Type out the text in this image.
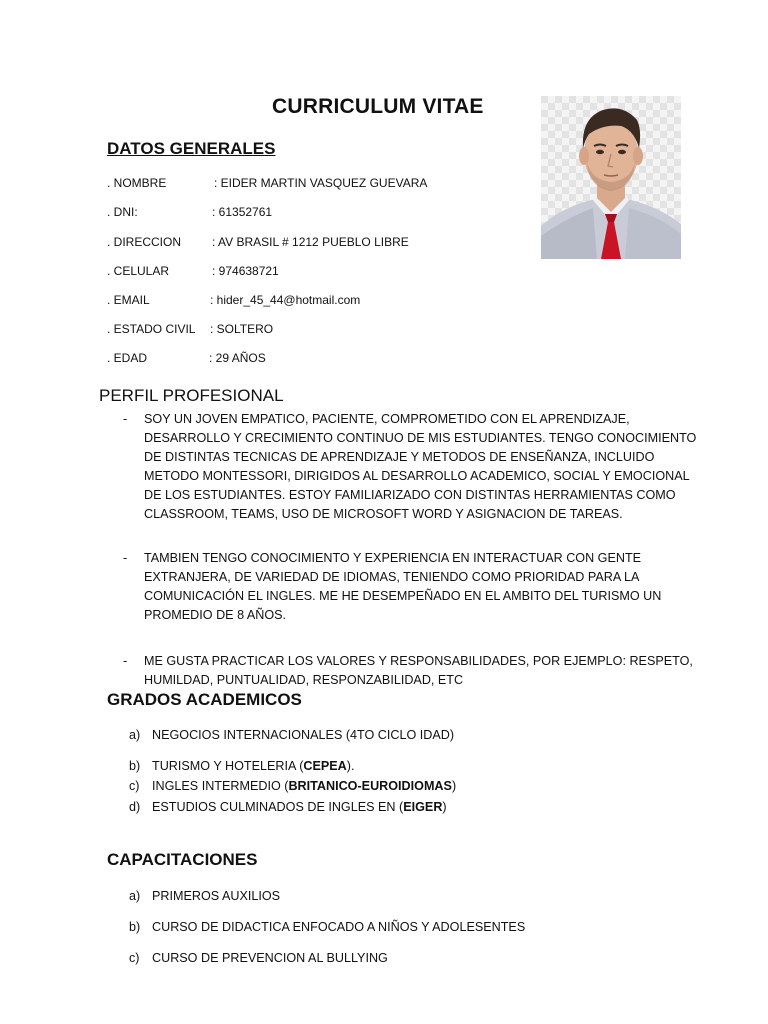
CURRICULUM VITAE
DATOS GENERALES
. NOMBRE	: EIDER MARTIN VASQUEZ GUEVARA
. DNI:	: 61352761
. DIRECCION	: AV BRASIL # 1212 PUEBLO LIBRE
. CELULAR	: 974638721
. EMAIL	: hider_45_44@hotmail.com
. ESTADO CIVIL : SOLTERO
. EDAD	: 29 AÑOS
PERFIL PROFESIONAL
- SOY UN JOVEN EMPATICO, PACIENTE, COMPROMETIDO CON EL APRENDIZAJE, DESARROLLO Y CRECIMIENTO CONTINUO DE MIS ESTUDIANTES. TENGO CONOCIMIENTO DE DISTINTAS TECNICAS DE APRENDIZAJE Y METODOS DE ENSEÑANZA, INCLUIDO METODO MONTESSORI, DIRIGIDOS AL DESARROLLO ACADEMICO, SOCIAL Y EMOCIONAL DE LOS ESTUDIANTES. ESTOY FAMILIARIZADO CON DISTINTAS HERRAMIENTAS COMO CLASSROOM, TEAMS, USO DE MICROSOFT WORD Y ASIGNACION DE TAREAS.
- TAMBIEN TENGO CONOCIMIENTO Y EXPERIENCIA EN INTERACTUAR CON GENTE EXTRANJERA, DE VARIEDAD DE IDIOMAS, TENIENDO COMO PRIORIDAD PARA LA COMUNICACIÓN EL INGLES. ME HE DESEMPEÑADO EN EL AMBITO DEL TURISMO UN PROMEDIO DE 8 AÑOS.
- ME GUSTA PRACTICAR LOS VALORES Y RESPONSABILIDADES, POR EJEMPLO: RESPETO, HUMILDAD, PUNTUALIDAD, RESPONZABILIDAD, ETC
GRADOS ACADEMICOS
a) NEGOCIOS INTERNACIONALES (4TO CICLO IDAD)
b) TURISMO Y HOTELERIA (CEPEA).
c) INGLES INTERMEDIO (BRITANICO-EUROIDIOMAS)
d) ESTUDIOS CULMINADOS DE INGLES EN (EIGER)
CAPACITACIONES
a) PRIMEROS AUXILIOS
b) CURSO DE DIDACTICA ENFOCADO A NIÑOS Y ADOLESENTES
c) CURSO DE PREVENCION AL BULLYING
